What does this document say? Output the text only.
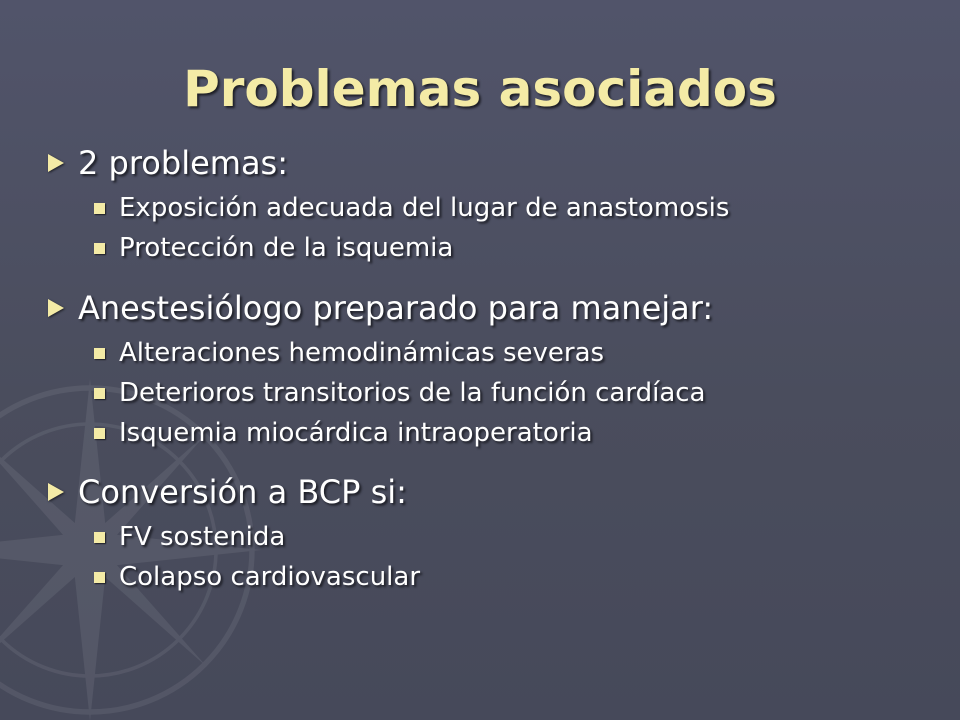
Problemas asociados
2 problemas:
Exposición adecuada del lugar de anastomosis
Protección de la isquemia
Anestesiólogo preparado para manejar:
Alteraciones hemodinámicas severas
Deterioros transitorios de la función cardíaca
Isquemia miocárdica intraoperatoria
Conversión a BCP si:
FV sostenida
Colapso cardiovascular
